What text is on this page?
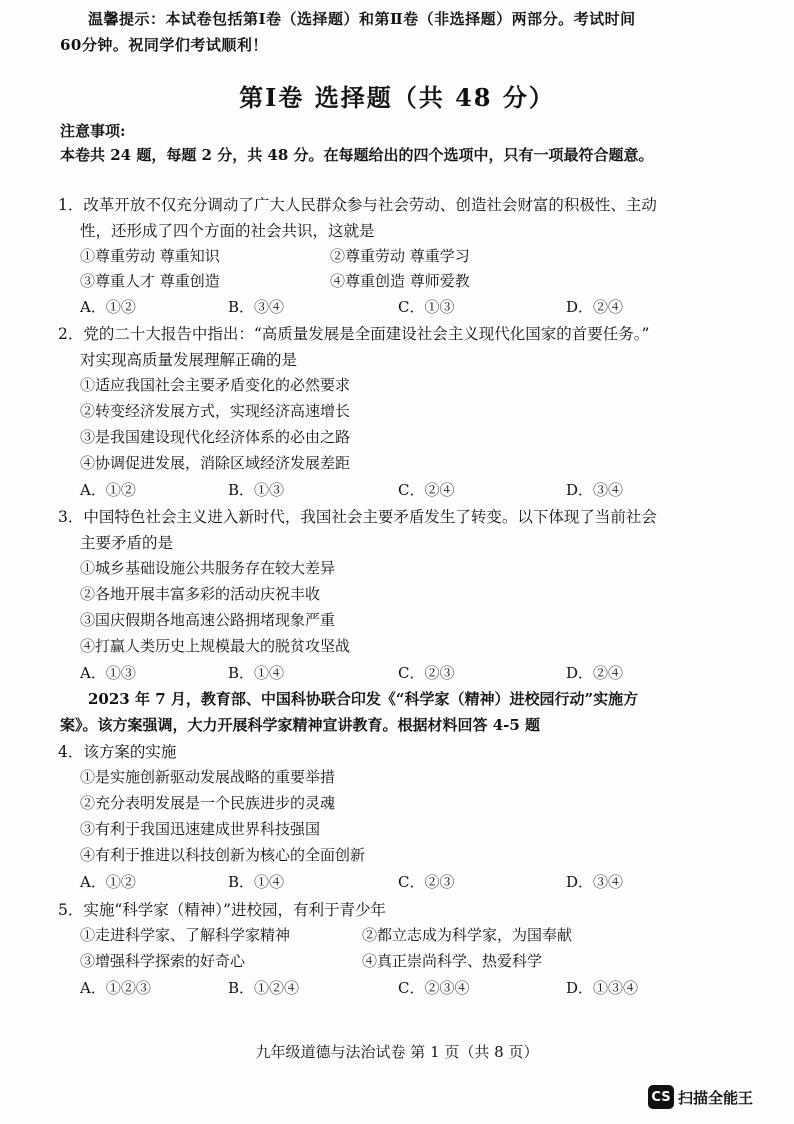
温馨提示：本试卷包括第Ⅰ卷（选择题）和第Ⅱ卷（非选择题）两部分。考试时间
60分钟。祝同学们考试顺利！
第Ⅰ卷 选择题（共 48 分）
注意事项:
本卷共 24 题，每题 2 分，共 48 分。在每题给出的四个选项中，只有一项最符合题意。
1．改革开放不仅充分调动了广大人民群众参与社会劳动、创造社会财富的积极性、主动
性，还形成了四个方面的社会共识，这就是
①尊重劳动 尊重知识	②尊重劳动 尊重学习
③尊重人才 尊重创造	④尊重创造 尊师爱教
A．①②	B．③④	C．①③	D．②④
2．党的二十大报告中指出：“高质量发展是全面建设社会主义现代化国家的首要任务。”
对实现高质量发展理解正确的是
①适应我国社会主要矛盾变化的必然要求
②转变经济发展方式，实现经济高速增长
③是我国建设现代化经济体系的必由之路
④协调促进发展，消除区域经济发展差距
A．①②	B．①③	C．②④	D．③④
3．中国特色社会主义进入新时代，我国社会主要矛盾发生了转变。以下体现了当前社会
主要矛盾的是
①城乡基础设施公共服务存在较大差异
②各地开展丰富多彩的活动庆祝丰收
③国庆假期各地高速公路拥堵现象严重
④打赢人类历史上规模最大的脱贫攻坚战
A．①③	B．①④	C．②③	D．②④
2023 年 7 月，教育部、中国科协联合印发《“科学家（精神）进校园行动”实施方
案》。该方案强调，大力开展科学家精神宣讲教育。根据材料回答 4-5 题
4．该方案的实施
①是实施创新驱动发展战略的重要举措
②充分表明发展是一个民族进步的灵魂
③有利于我国迅速建成世界科技强国
④有利于推进以科技创新为核心的全面创新
A．①②	B．①④	C．②③	D．③④
5．实施“科学家（精神）”进校园，有利于青少年
①走进科学家、了解科学家精神	②都立志成为科学家，为国奉献
③增强科学探索的好奇心	④真正崇尚科学、热爱科学
A．①②③	B．①②④	C．②③④	D．①③④
九年级道德与法治试卷 第 1 页（共 8 页）
CS 扫描全能王
